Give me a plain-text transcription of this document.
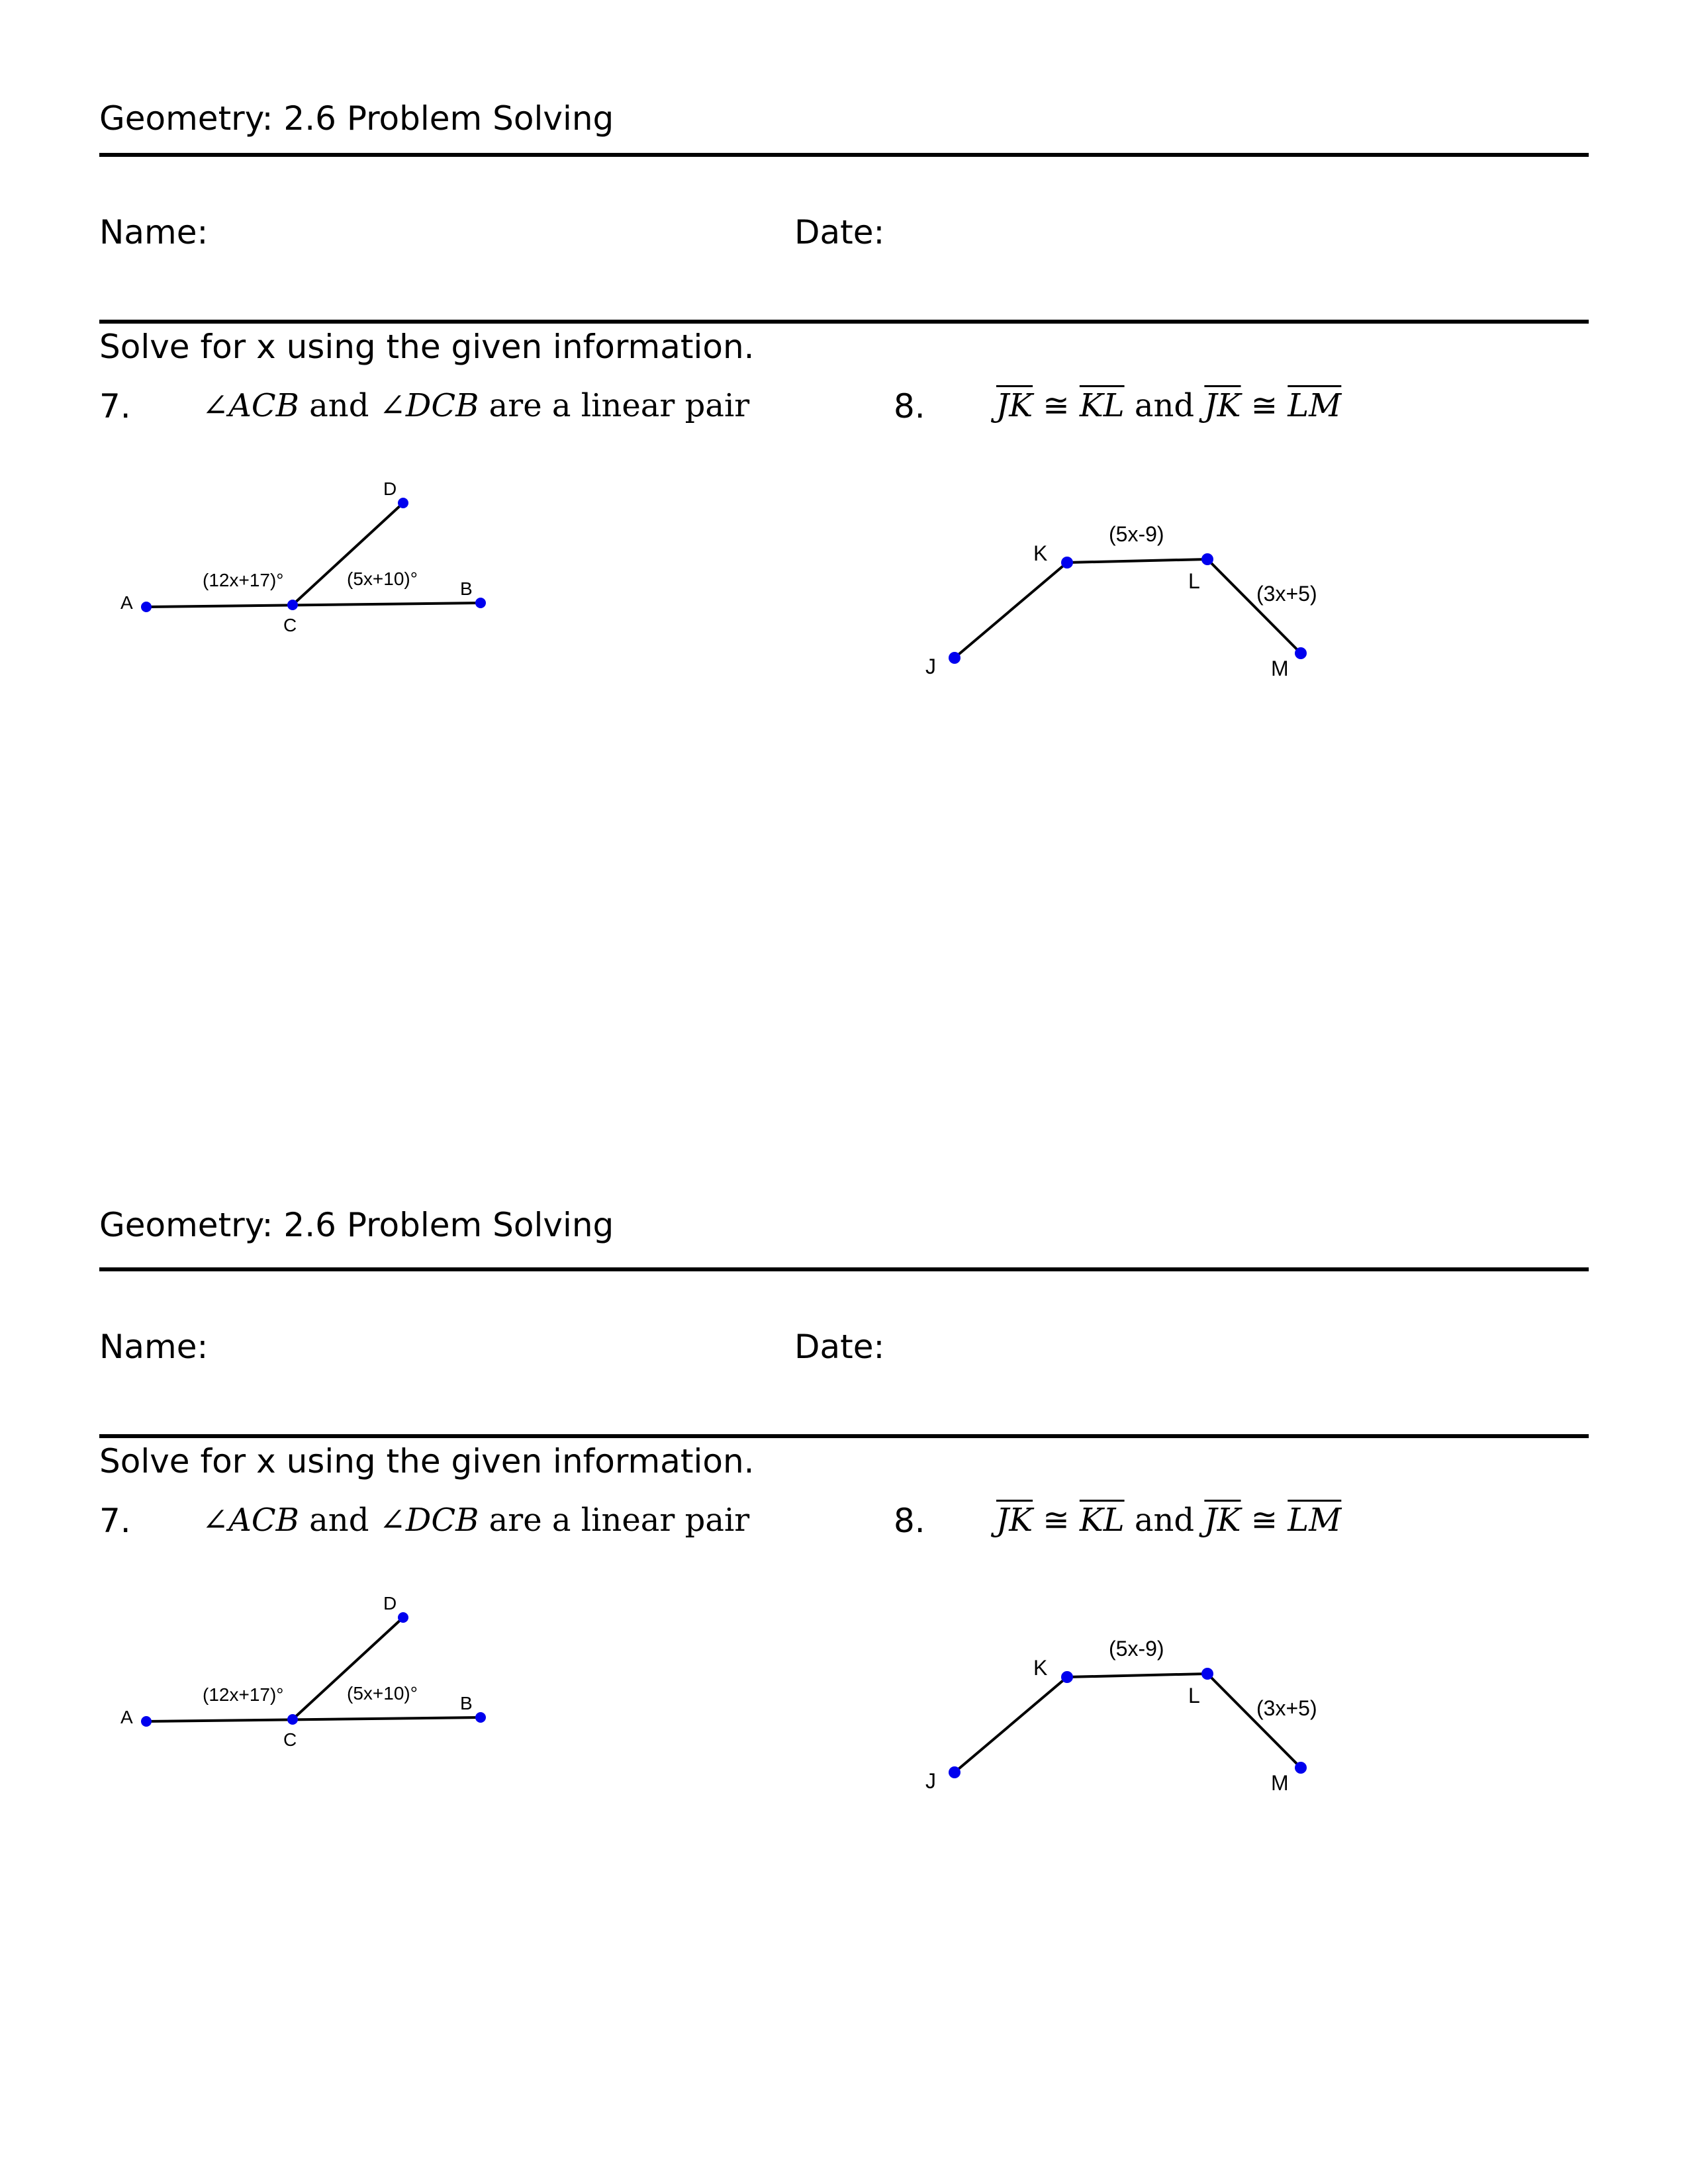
Geometry: 2.6 Problem Solving
Name:	Date:
Solve for x using the given information.
7. ∠ACB and ∠DCB are a linear pair	8. $\overline{JK}$ ≅ $\overline{KL}$ and $\overline{JK}$ ≅ $\overline{LM}$
A
C
B
D
(12x+17)°	(5x+10)°
J
K
L
M
(5x-9)
(3x+5)
Geometry: 2.6 Problem Solving
Name:	Date:
Solve for x using the given information.
7. ∠ACB and ∠DCB are a linear pair	8. $\overline{JK}$ ≅ $\overline{KL}$ and $\overline{JK}$ ≅ $\overline{LM}$
A
C
B
D
(12x+17)°	(5x+10)°
J
K
L
M
(5x-9)
(3x+5)
